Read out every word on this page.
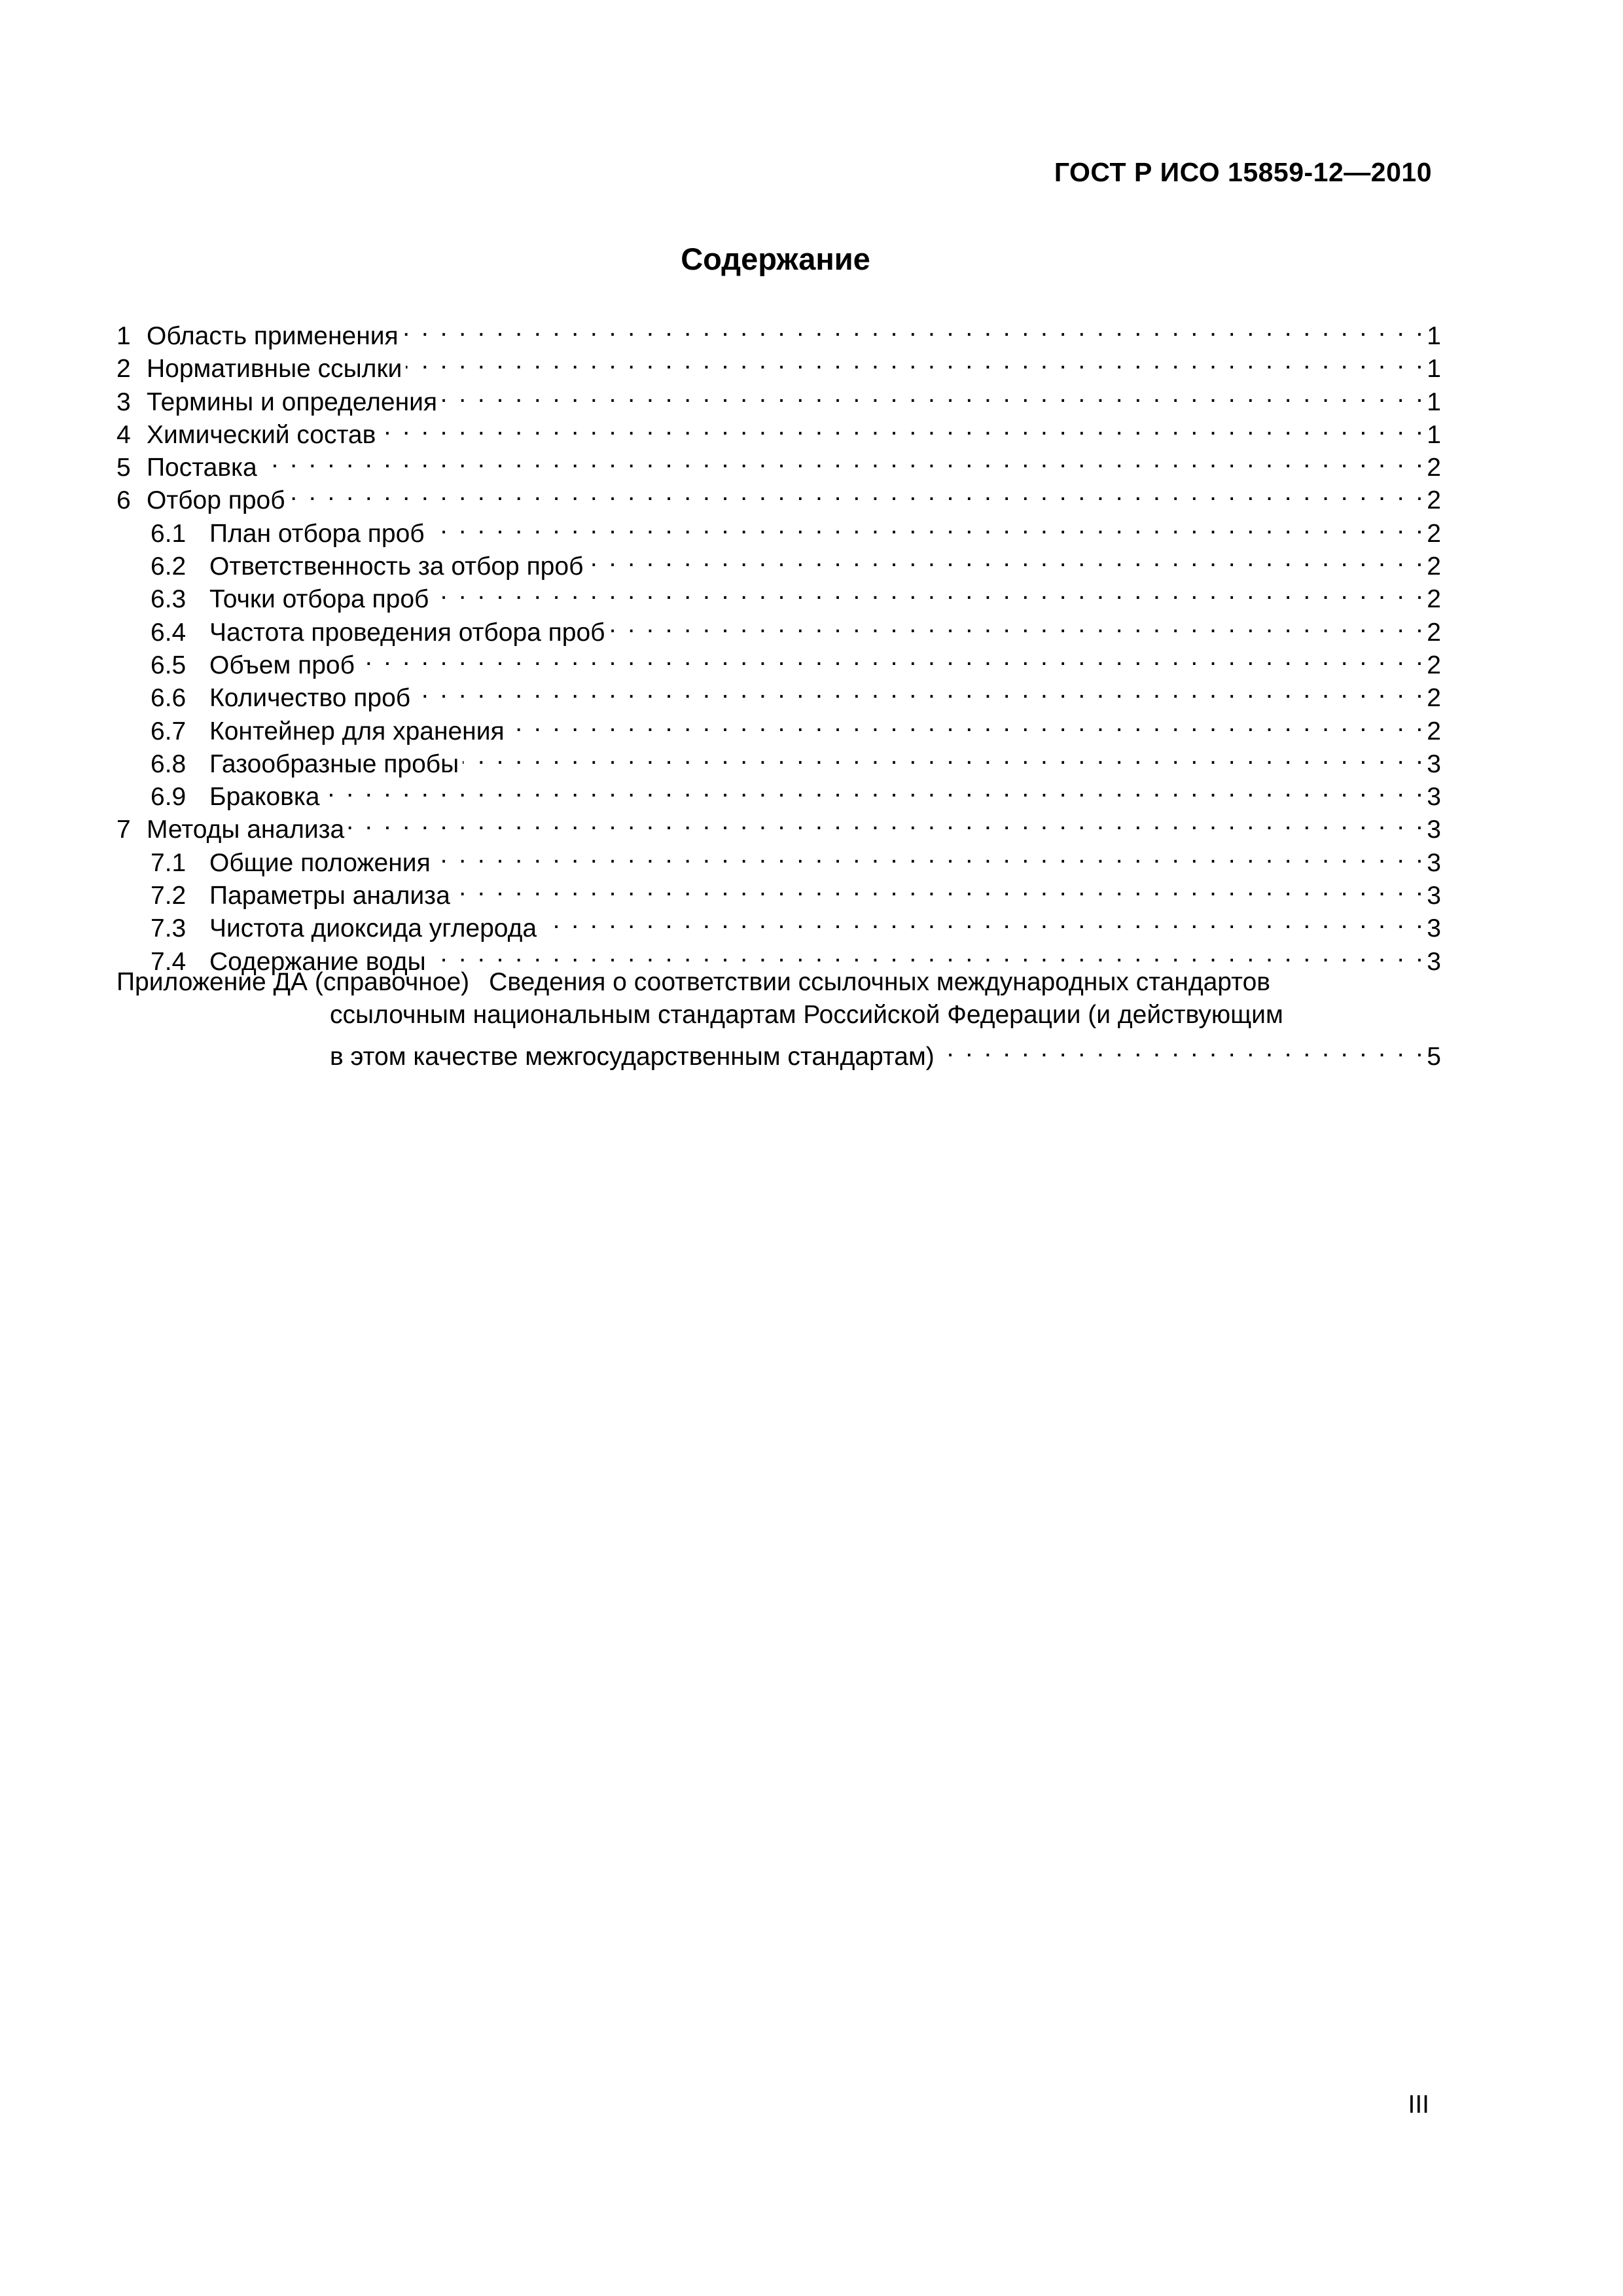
ГОСТ Р ИСО 15859-12—2010
Содержание
1 Область применения . . .	1
2 Нормативные ссылки . . .	1
3 Термины и определения . . .	1
4 Химический состав . . .	1
5 Поставка . . .	2
6 Отбор проб . . .	2
6.1 План отбора проб . . .	2
6.2 Ответственность за отбор проб . . .	2
6.3 Точки отбора проб . . .	2
6.4 Частота проведения отбора проб . . .	2
6.5 Объем проб . . .	2
6.6 Количество проб . . .	2
6.7 Контейнер для хранения . . .	2
6.8 Газообразные пробы . . .	3
6.9 Браковка . . .	3
7 Методы анализа . . .	3
7.1 Общие положения . . .	3
7.2 Параметры анализа . . .	3
7.3 Чистота диоксида углерода . . .	3
7.4 Содержание воды . . .	3
Приложение ДА (справочное) Сведения о соответствии ссылочных международных стандартов
ссылочным национальным стандартам Российской Федерации (и действующим
в этом качестве межгосударственным стандартам) . . .	5
III
